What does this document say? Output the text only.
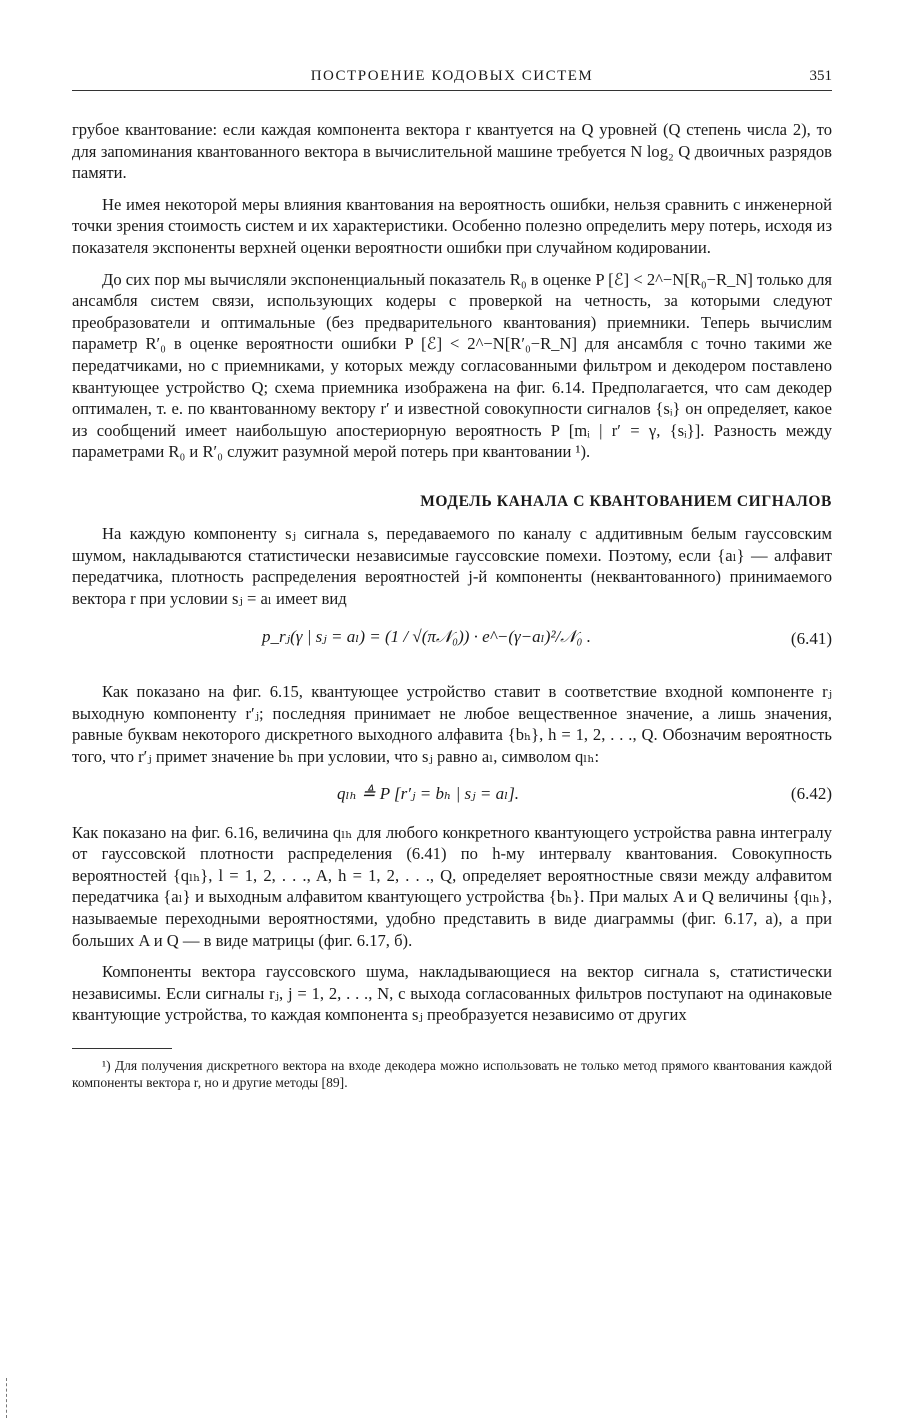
ПОСТРОЕНИЕ КОДОВЫХ СИСТЕМ	351

грубое квантование: если каждая компонента вектора r квантуется на Q уровней (Q степень числа 2), то для запоминания квантованного вектора в вычислительной машине требуется N log₂ Q двоичных разрядов памяти.

Не имея некоторой меры влияния квантования на вероятность ошибки, нельзя сравнить с инженерной точки зрения стоимость систем и их характеристики. Особенно полезно определить меру потерь, исходя из показателя экспоненты верхней оценки вероятности ошибки при случайном кодировании.

До сих пор мы вычисляли экспоненциальный показатель R₀ в оценке P [ℰ] < 2^−N[R₀−R_N] только для ансамбля систем связи, использующих кодеры с проверкой на четность, за которыми следуют преобразователи и оптимальные (без предварительного квантования) приемники. Теперь вычислим параметр R′₀ в оценке вероятности ошибки P [ℰ] < 2^−N[R′₀−R_N] для ансамбля с точно такими же передатчиками, но с приемниками, у которых между согласованными фильтром и декодером поставлено квантующее устройство Q; схема приемника изображена на фиг. 6.14. Предполагается, что сам декодер оптимален, т. е. по квантованному вектору r′ и известной совокупности сигналов {sᵢ} он определяет, какое из сообщений имеет наибольшую апостериорную вероятность P [mᵢ | r′ = γ, {sᵢ}]. Разность между параметрами R₀ и R′₀ служит разумной мерой потерь при квантовании ¹).

МОДЕЛЬ КАНАЛА С КВАНТОВАНИЕМ СИГНАЛОВ

На каждую компоненту sⱼ сигнала s, передаваемого по каналу с аддитивным белым гауссовским шумом, накладываются статистически независимые гауссовские помехи. Поэтому, если {aₗ} — алфавит передатчика, плотность распределения вероятностей j-й компоненты (неквантованного) принимаемого вектора r при условии sⱼ = aₗ имеет вид

p_rⱼ(γ | sⱼ = aₗ) = (1 / √(π𝒩₀)) · e^−(γ−aₗ)²/𝒩₀ .	(6.41)

Как показано на фиг. 6.15, квантующее устройство ставит в соответствие входной компоненте rⱼ выходную компоненту r′ⱼ; последняя принимает не любое вещественное значение, а лишь значения, равные буквам некоторого дискретного выходного алфавита {bₕ}, h = 1, 2, . . ., Q. Обозначим вероятность того, что r′ⱼ примет значение bₕ при условии, что sⱼ равно aₗ, символом qₗₕ:

qₗₕ ≜ P [r′ⱼ = bₕ | sⱼ = aₗ].	(6.42)

Как показано на фиг. 6.16, величина qₗₕ для любого конкретного квантующего устройства равна интегралу от гауссовской плотности распределения (6.41) по h-му интервалу квантования. Совокупность вероятностей {qₗₕ}, l = 1, 2, . . ., A, h = 1, 2, . . ., Q, определяет вероятностные связи между алфавитом передатчика {aₗ} и выходным алфавитом квантующего устройства {bₕ}. При малых A и Q величины {qₗₕ}, называемые переходными вероятностями, удобно представить в виде диаграммы (фиг. 6.17, а), а при больших A и Q — в виде матрицы (фиг. 6.17, б).

Компоненты вектора гауссовского шума, накладывающиеся на вектор сигнала s, статистически независимы. Если сигналы rⱼ, j = 1, 2, . . ., N, с выхода согласованных фильтров поступают на одинаковые квантующие устройства, то каждая компонента sⱼ преобразуется независимо от других

¹) Для получения дискретного вектора на входе декодера можно использовать не только метод прямого квантования каждой компоненты вектора r, но и другие методы [89].
